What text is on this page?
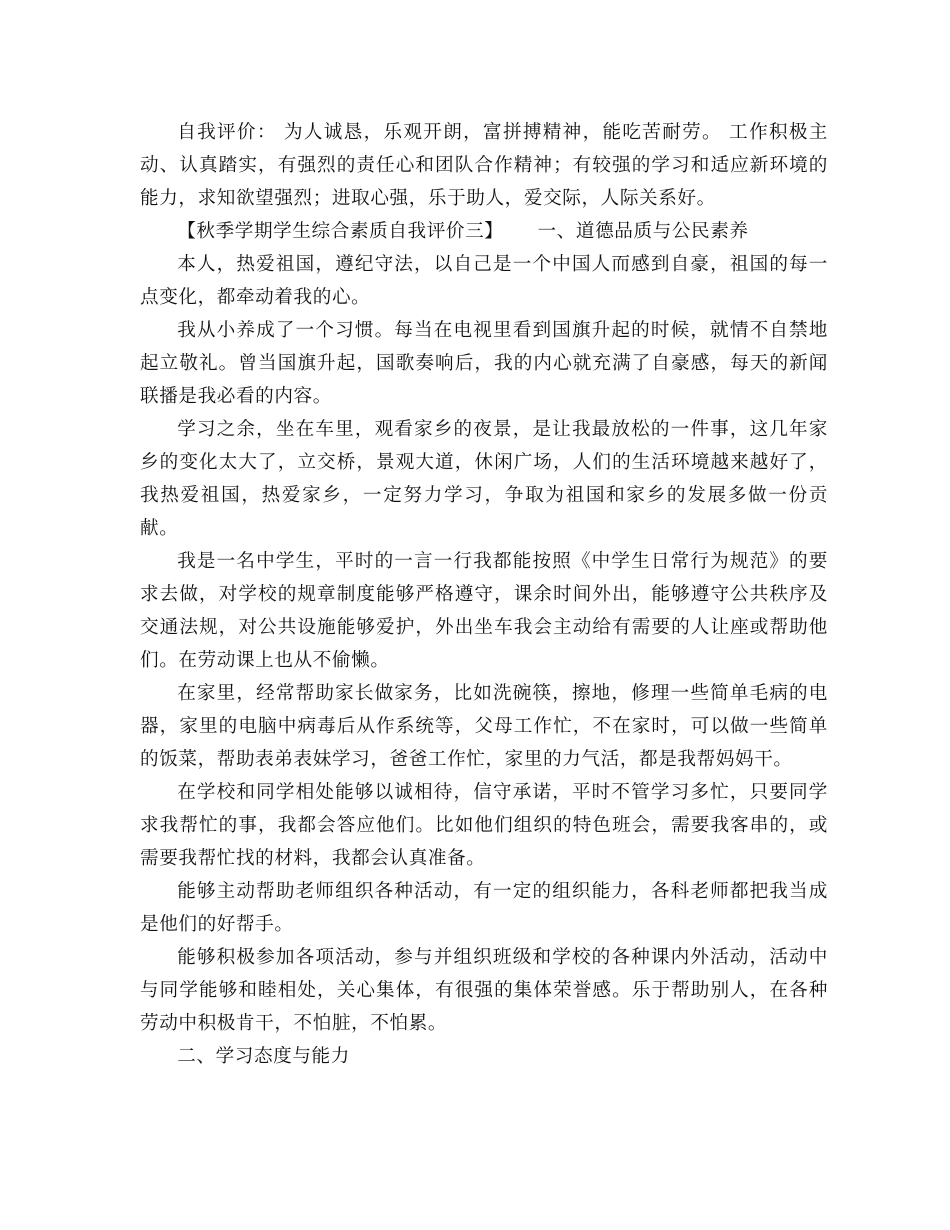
自我评价： 为人诚恳，乐观开朗，富拼搏精神，能吃苦耐劳。 工作积极主动、认真踏实，有强烈的责任心和团队合作精神；有较强的学习和适应新环境的能力，求知欲望强烈；进取心强，乐于助人，爱交际，人际关系好。

【秋季学期学生综合素质自我评价三】 一、道德品质与公民素养

本人，热爱祖国，遵纪守法，以自己是一个中国人而感到自豪，祖国的每一点变化，都牵动着我的心。

我从小养成了一个习惯。每当在电视里看到国旗升起的时候，就情不自禁地起立敬礼。曾当国旗升起，国歌奏响后，我的内心就充满了自豪感，每天的新闻联播是我必看的内容。

学习之余，坐在车里，观看家乡的夜景，是让我最放松的一件事，这几年家乡的变化太大了，立交桥，景观大道，休闲广场，人们的生活环境越来越好了，我热爱祖国，热爱家乡，一定努力学习，争取为祖国和家乡的发展多做一份贡献。

我是一名中学生，平时的一言一行我都能按照《中学生日常行为规范》的要求去做，对学校的规章制度能够严格遵守，课余时间外出，能够遵守公共秩序及交通法规，对公共设施能够爱护，外出坐车我会主动给有需要的人让座或帮助他们。在劳动课上也从不偷懒。

在家里，经常帮助家长做家务，比如洗碗筷，擦地，修理一些简单毛病的电器，家里的电脑中病毒后从作系统等，父母工作忙，不在家时，可以做一些简单的饭菜，帮助表弟表妹学习，爸爸工作忙，家里的力气活，都是我帮妈妈干。

在学校和同学相处能够以诚相待，信守承诺，平时不管学习多忙，只要同学求我帮忙的事，我都会答应他们。比如他们组织的特色班会，需要我客串的，或需要我帮忙找的材料，我都会认真准备。

能够主动帮助老师组织各种活动，有一定的组织能力，各科老师都把我当成是他们的好帮手。

能够积极参加各项活动，参与并组织班级和学校的各种课内外活动，活动中与同学能够和睦相处，关心集体，有很强的集体荣誉感。乐于帮助别人，在各种劳动中积极肯干，不怕脏，不怕累。

二、学习态度与能力
